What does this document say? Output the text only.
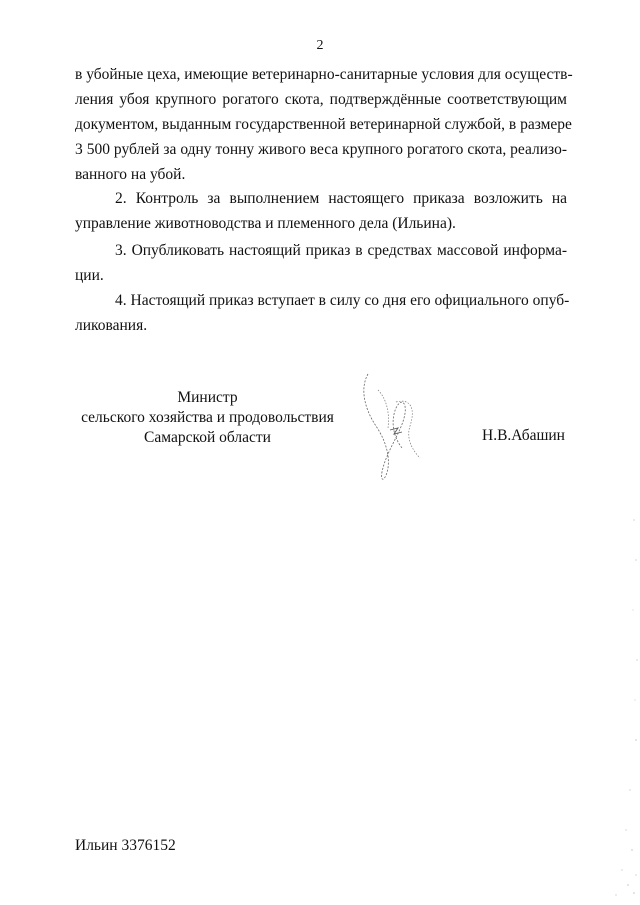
2
в убойные цеха, имеющие ветеринарно-санитарные условия для осуществ-
ления убоя крупного рогатого скота, подтверждённые соответствующим
документом, выданным государственной ветеринарной службой, в размере
3 500 рублей за одну тонну живого веса крупного рогатого скота, реализо-
ванного на убой.
2. Контроль за выполнением настоящего приказа возложить на
управление животноводства и племенного дела (Ильина).
3. Опубликовать настоящий приказ в средствах массовой информа-
ции.
4. Настоящий приказ вступает в силу со дня его официального опуб-
ликования.
Министр
сельского хозяйства и продовольствия
Самарской области	Н.В.Абашин
Ильин 3376152
